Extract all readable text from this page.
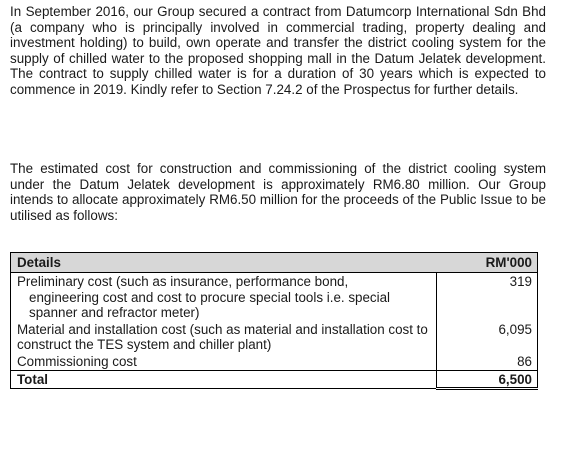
In September 2016, our Group secured a contract from Datumcorp International Sdn Bhd (a company who is principally involved in commercial trading, property dealing and investment holding) to build, own operate and transfer the district cooling system for the supply of chilled water to the proposed shopping mall in the Datum Jelatek development. The contract to supply chilled water is for a duration of 30 years which is expected to commence in 2019. Kindly refer to Section 7.24.2 of the Prospectus for further details.

The estimated cost for construction and commissioning of the district cooling system under the Datum Jelatek development is approximately RM6.80 million. Our Group intends to allocate approximately RM6.50 million for the proceeds of the Public Issue to be utilised as follows:

Details	RM'000
Preliminary cost (such as insurance, performance bond,
engineering cost and cost to procure special tools i.e. special spanner and refractor meter)	319
Material and installation cost (such as material and installation cost to construct the TES system and chiller plant)	6,095
Commissioning cost	86
Total	6,500
